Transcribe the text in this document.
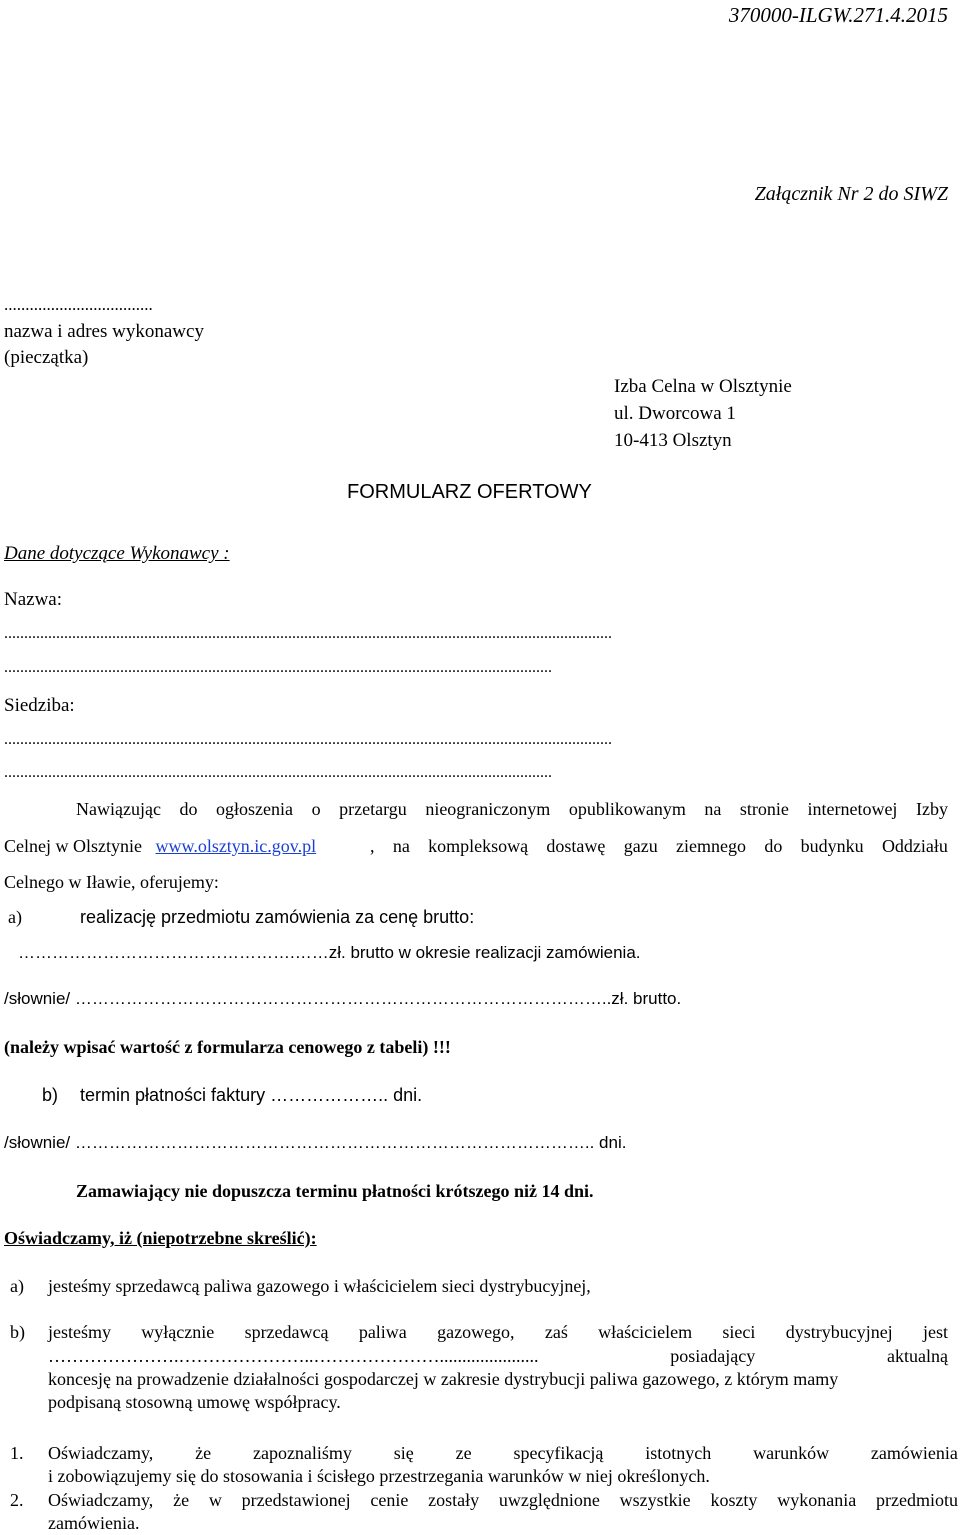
370000-ILGW.271.4.2015
Załącznik Nr 2 do SIWZ
...................................
nazwa i adres wykonawcy
(pieczątka)
Izba Celna w Olsztynie
ul. Dworcowa 1
10-413 Olsztyn
FORMULARZ OFERTOWY
Dane dotyczące Wykonawcy :
Nazwa:
........................................................................................................................................................
.........................................................................................................................................
Siedziba:
........................................................................................................................................................
.........................................................................................................................................
Nawiązując do ogłoszenia o przetargu nieograniczonym opublikowanym na stronie internetowej Izby
Celnej w Olsztynie www.olsztyn.ic.gov.pl	, na kompleksową dostawę gazu ziemnego do budynku Oddziału
Celnego w Iławie, oferujemy:
a)	realizację przedmiotu zamówienia za cenę brutto:
………………………………………….……zł. brutto w okresie realizacji zamówienia.
/słownie/ …………………………………………………………………………………..zł. brutto.
(należy wpisać wartość z formularza cenowego z tabeli) !!!
b) termin płatności faktury ……………….. dni.
/słownie/ ……………………………………………………………………………….. dni.
Zamawiający nie dopuszcza terminu płatności krótszego niż 14 dni.
Oświadczamy, iż (niepotrzebne skreślić):
a) jesteśmy sprzedawcą paliwa gazowego i właścicielem sieci dystrybucyjnej,
b) jesteśmy wyłącznie sprzedawcą paliwa gazowego, zaś właścicielem sieci dystrybucyjnej jest
………………….…………………..…………………......................	posiadający	aktualną
koncesję na prowadzenie działalności gospodarczej w zakresie dystrybucji paliwa gazowego, z którym mamy
podpisaną stosowną umowę współpracy.
1. Oświadczamy, że zapoznaliśmy się ze specyfikacją istotnych warunków zamówienia
i zobowiązujemy się do stosowania i ścisłego przestrzegania warunków w niej określonych.
2. Oświadczamy, że w przedstawionej cenie zostały uwzględnione wszystkie koszty wykonania przedmiotu
zamówienia.
